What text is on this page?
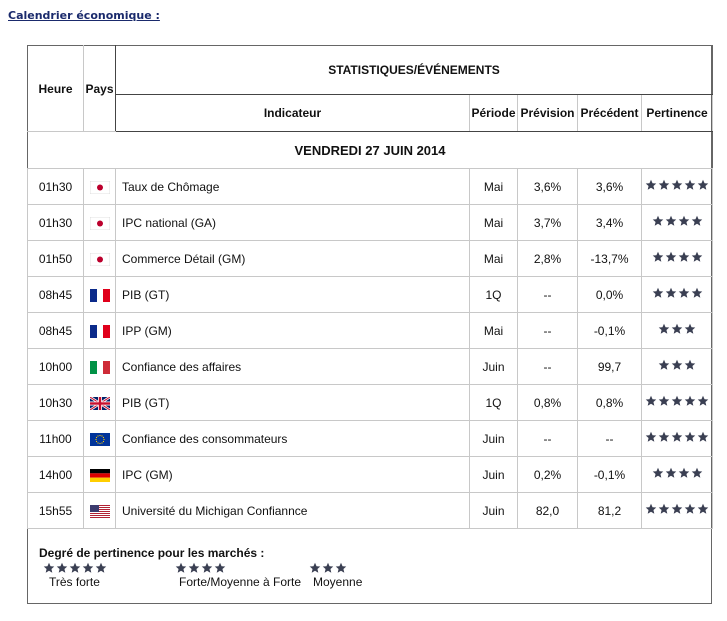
Calendrier économique :
Heure	Pays	STATISTIQUES/ÉVÉNEMENTS				
		Indicateur	Période	Prévision	Précédent	Pertinence
VENDREDI 27 JUIN 2014						
01h30		Taux de Chômage	Mai	3,6%	3,6%	

01h30		IPC national (GA)	Mai	3,7%	3,4%	

01h50		Commerce Détail (GM)	Mai	2,8%	-13,7%	

08h45		PIB (GT)	1Q	--	0,0%	

08h45		IPP (GM)	Mai	--	-0,1%	

10h00		Confiance des affaires	Juin	--	99,7	

10h30		PIB (GT)	1Q	0,8%	0,8%	

11h00		Confiance des consommateurs	Juin	--	--	

14h00		IPC (GM)	Juin	0,2%	-0,1%	

15h55		Université du Michigan Confiannce	Juin	82,0	81,2	
Degré de pertinence pour les marchés :
Très forte	Forte/Moyenne à Forte Moyenne
